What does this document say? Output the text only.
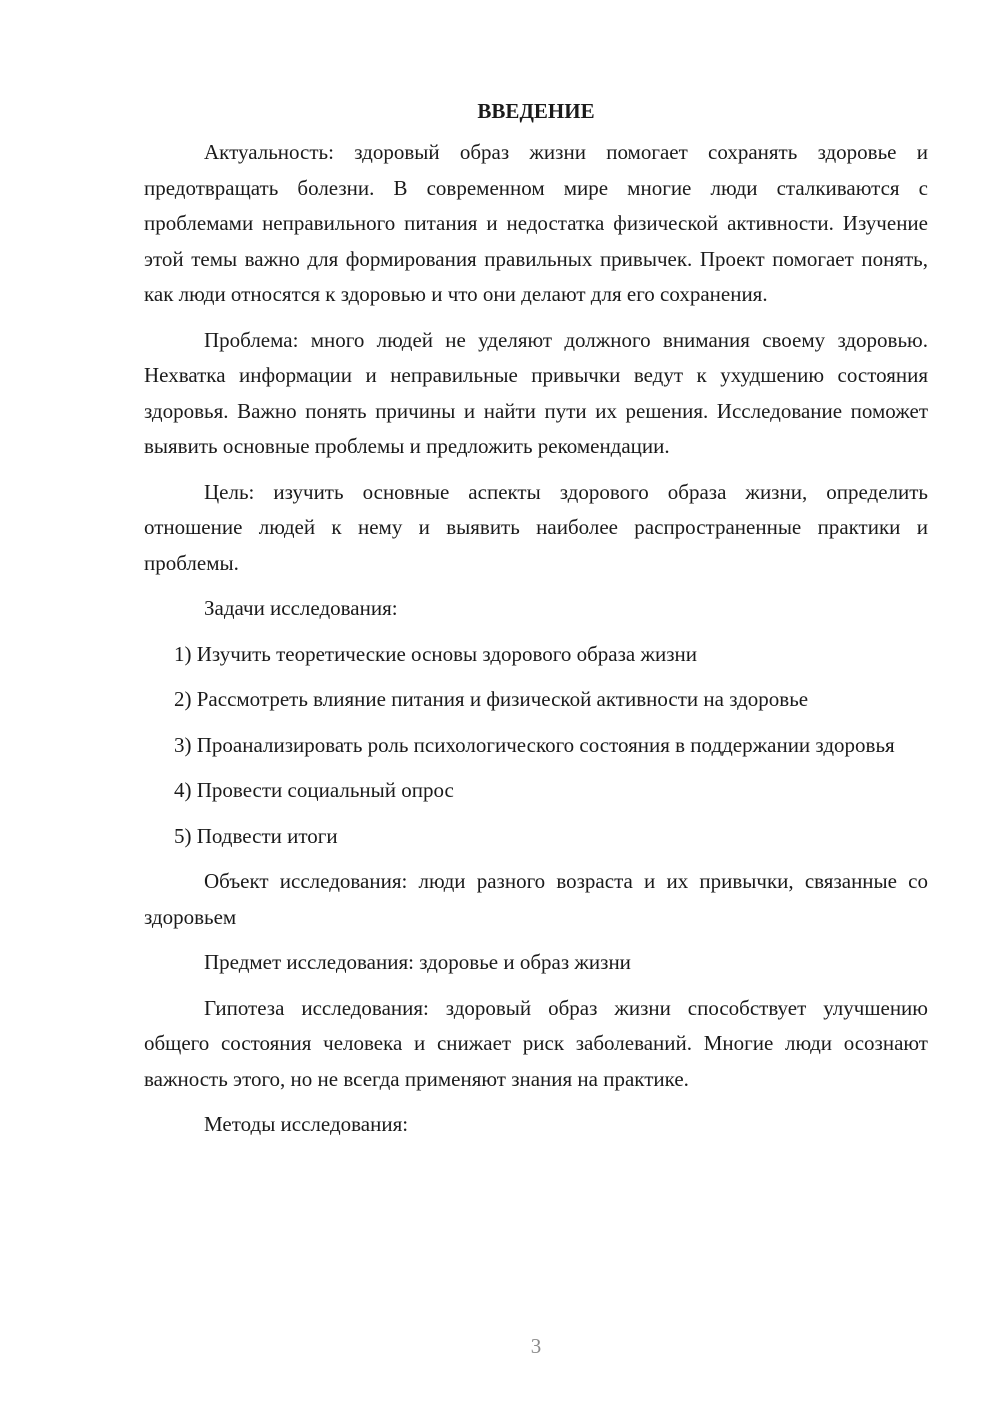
ВВЕДЕНИЕ

Актуальность: здоровый образ жизни помогает сохранять здоровье и предотвращать болезни. В современном мире многие люди сталкиваются с проблемами неправильного питания и недостатка физической активности. Изучение этой темы важно для формирования правильных привычек. Проект помогает понять, как люди относятся к здоровью и что они делают для его сохранения.

Проблема: много людей не уделяют должного внимания своему здоровью. Нехватка информации и неправильные привычки ведут к ухудшению состояния здоровья. Важно понять причины и найти пути их решения. Исследование поможет выявить основные проблемы и предложить рекомендации.

Цель: изучить основные аспекты здорового образа жизни, определить отношение людей к нему и выявить наиболее распространенные практики и проблемы.

Задачи исследования:

1) Изучить теоретические основы здорового образа жизни

2) Рассмотреть влияние питания и физической активности на здоровье

3) Проанализировать роль психологического состояния в поддержании здоровья

4) Провести социальный опрос

5) Подвести итоги

Объект исследования: люди разного возраста и их привычки, связанные со здоровьем

Предмет исследования: здоровье и образ жизни

Гипотеза исследования: здоровый образ жизни способствует улучшению общего состояния человека и снижает риск заболеваний. Многие люди осознают важность этого, но не всегда применяют знания на практике.

Методы исследования:

3
